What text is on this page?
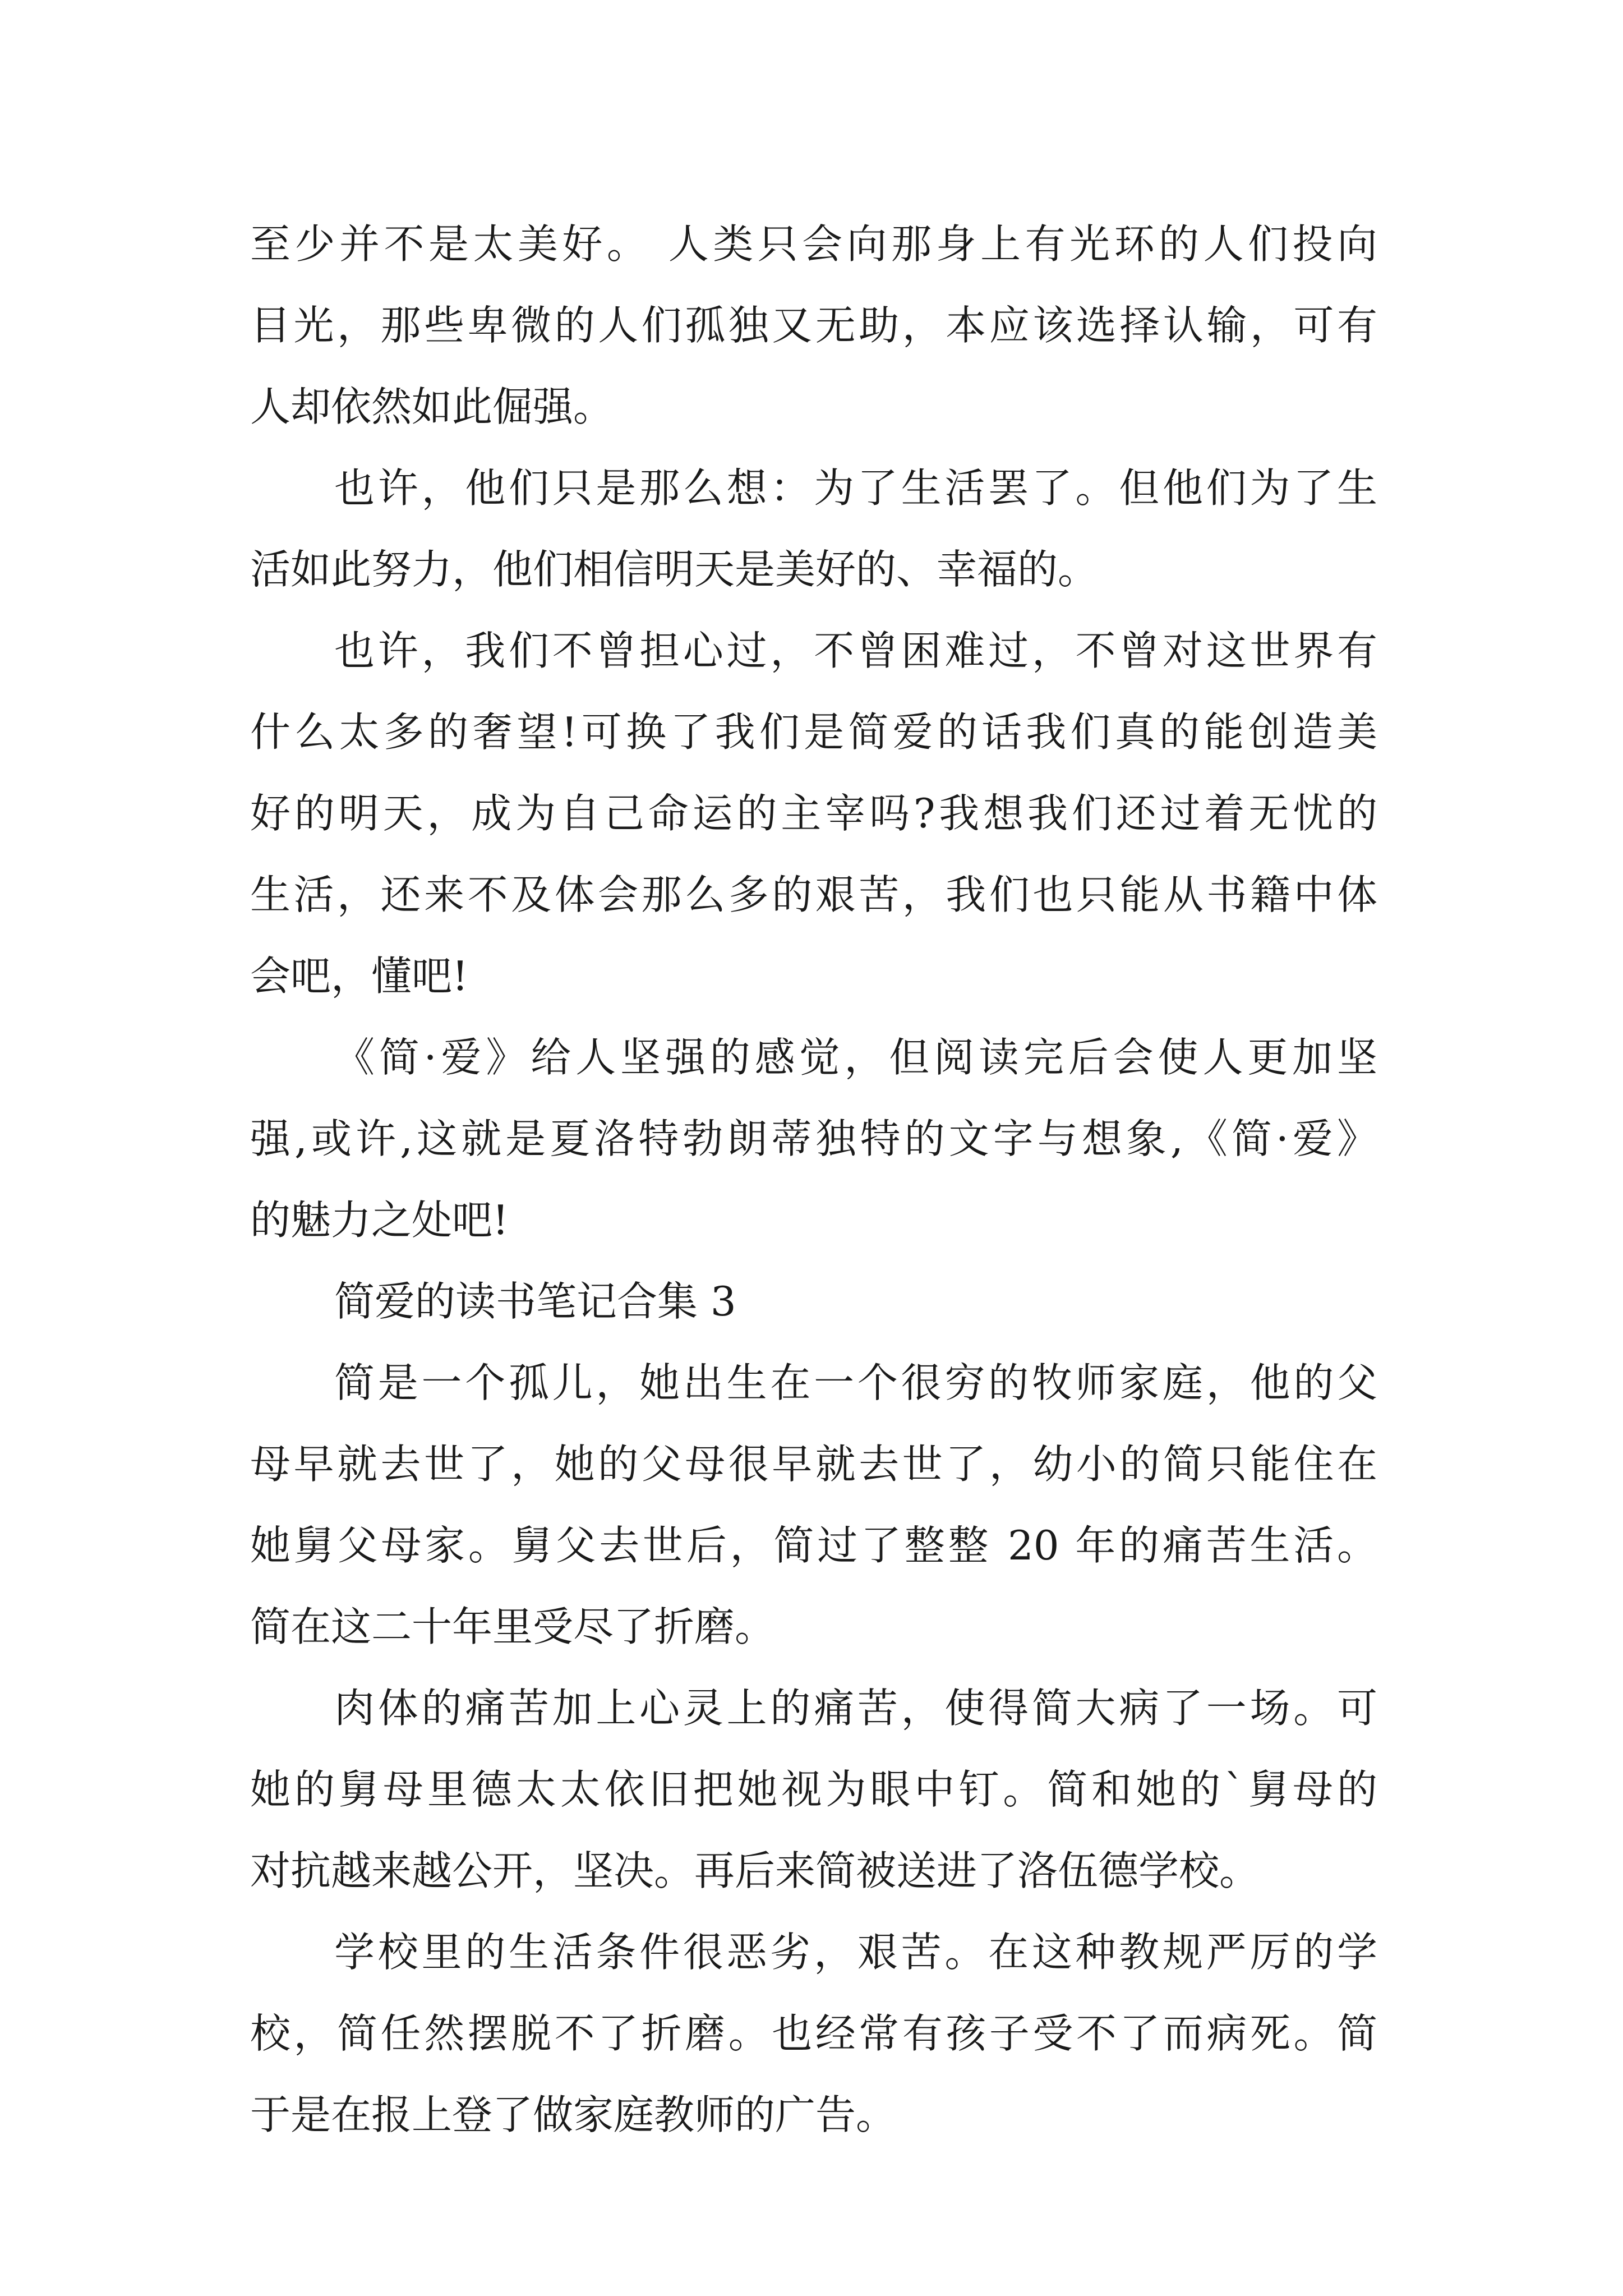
至少并不是太美好。 人类只会向那身上有光环的人们投向
目光，那些卑微的人们孤独又无助，本应该选择认输，可有
人却依然如此倔强。
也许，他们只是那么想：为了生活罢了。但他们为了生
活如此努力，他们相信明天是美好的、幸福的。
也许，我们不曾担心过，不曾困难过，不曾对这世界有
什么太多的奢望!可换了我们是简爱的话我们真的能创造美
好的明天，成为自己命运的主宰吗?我想我们还过着无忧的
生活，还来不及体会那么多的艰苦，我们也只能从书籍中体
会吧，懂吧!
《简·爱》给人坚强的感觉，但阅读完后会使人更加坚
强,或许,这就是夏洛特勃朗蒂独特的文字与想象,《简·爱》
的魅力之处吧!
简爱的读书笔记合集 3
简是一个孤儿，她出生在一个很穷的牧师家庭，他的父
母早就去世了，她的父母很早就去世了，幼小的简只能住在
她舅父母家。舅父去世后，简过了整整 20 年的痛苦生活。
简在这二十年里受尽了折磨。
肉体的痛苦加上心灵上的痛苦，使得简大病了一场。可
她的舅母里德太太依旧把她视为眼中钉。简和她的`舅母的
对抗越来越公开，坚决。再后来简被送进了洛伍德学校。
学校里的生活条件很恶劣，艰苦。在这种教规严厉的学
校，简任然摆脱不了折磨。也经常有孩子受不了而病死。简
于是在报上登了做家庭教师的广告。
